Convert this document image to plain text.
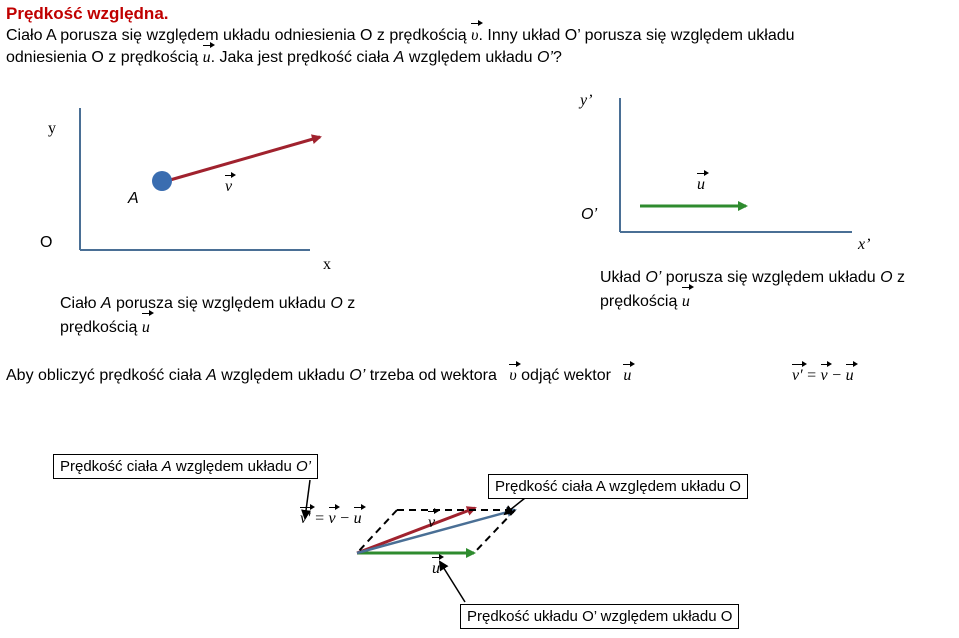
Prędkość względna.
Ciało A porusza się względem układu odniesienia O z prędkością υ. Inny układ O’ porusza się względem układu
odniesienia O z prędkością u. Jaka jest prędkość ciała A względem układu O’?
y
O
x
A
v
Ciało A porusza się względem układu O z
prędkością u
y’
O’
x’
u
Układ O’ porusza się względem układu O z
prędkością u
Aby obliczyć prędkość ciała A względem układu O’ trzeba od wektora υ odjąć wektor u	v′ = v − u
Prędkość ciała A względem układu O’
Prędkość ciała A względem układu O
Prędkość układu O’ względem układu O
v′ = v − u	v
u
